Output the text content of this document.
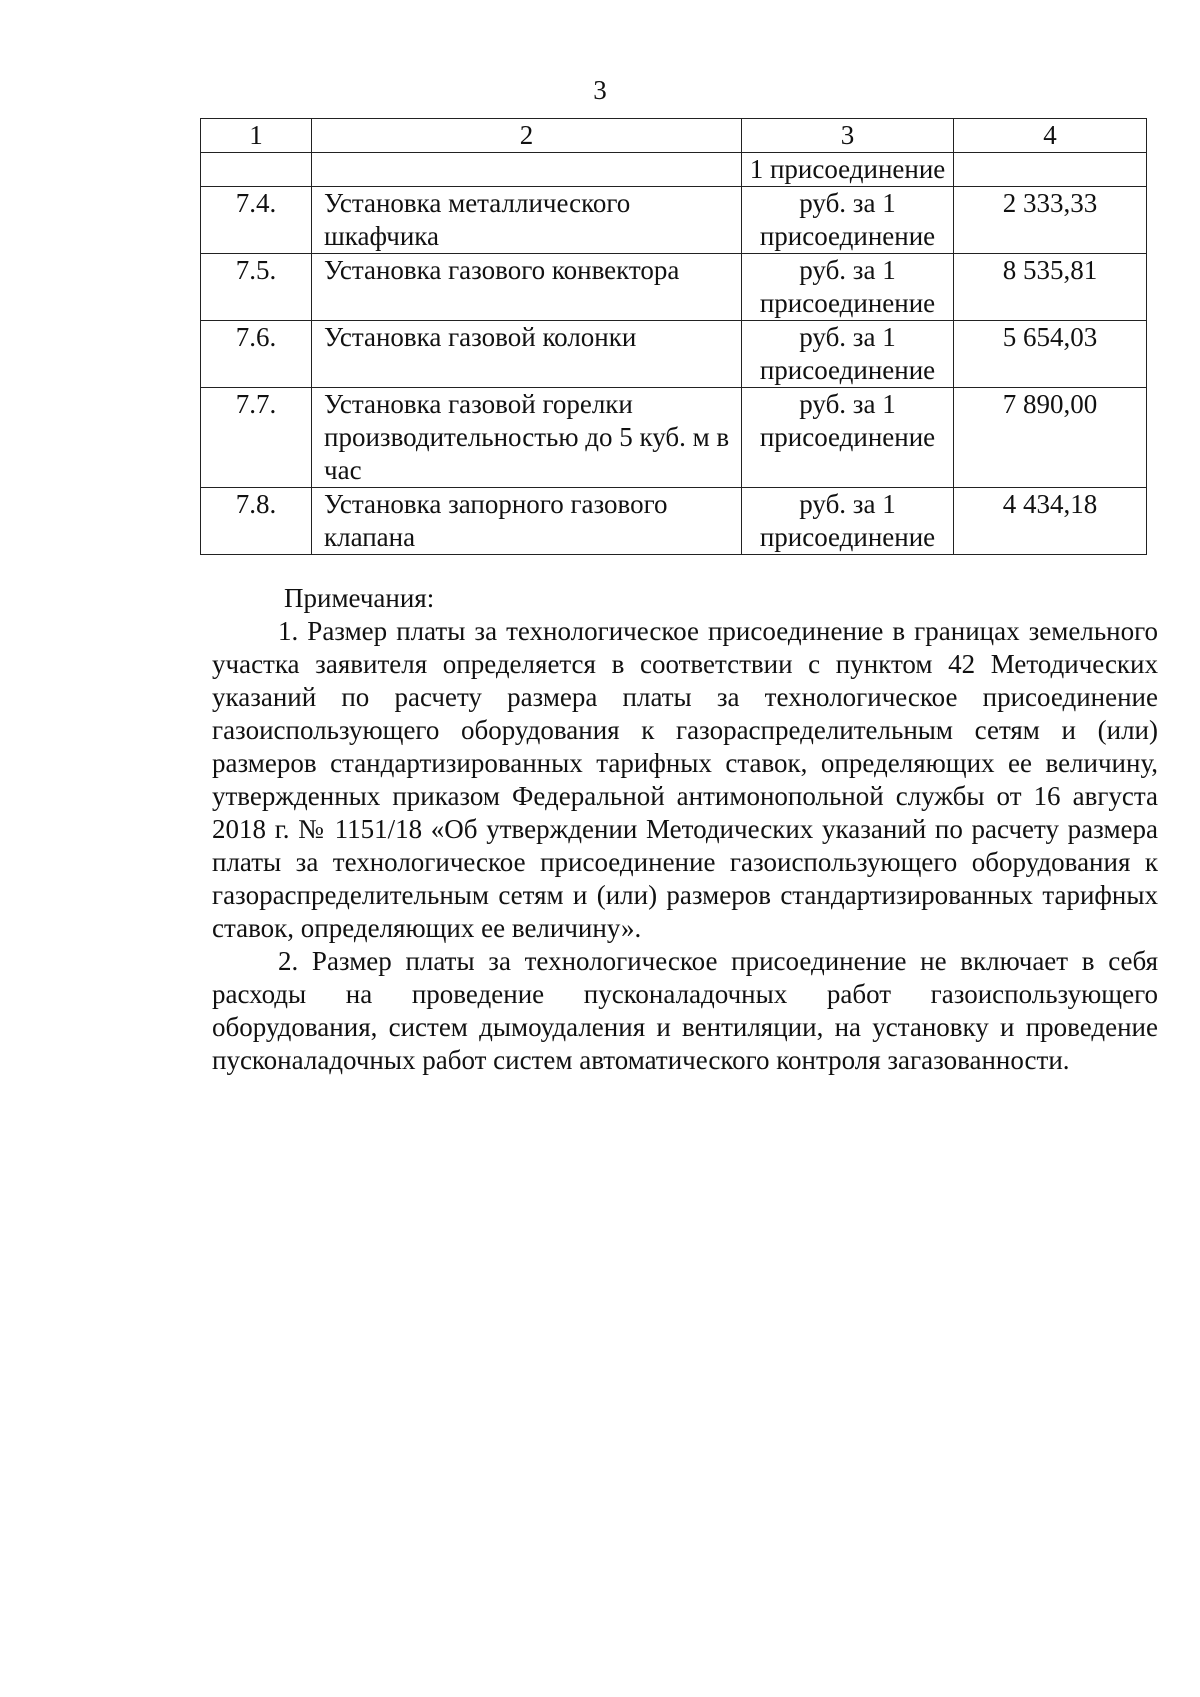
3
1	2	3	4
		1 присоединение	
7.4.	Установка металлического шкафчика	руб. за 1 присоединение	2 333,33
7.5.	Установка газового конвектора	руб. за 1 присоединение	8 535,81
7.6.	Установка газовой колонки	руб. за 1 присоединение	5 654,03
7.7.	Установка газовой горелки производительностью до 5 куб. м в час	руб. за 1 присоединение	7 890,00
7.8.	Установка запорного газового клапана	руб. за 1 присоединение	4 434,18

Примечания:

1. Размер платы за технологическое присоединение в границах земельного участка заявителя определяется в соответствии с пунктом 42 Методических указаний по расчету размера платы за технологическое присоединение газоиспользующего оборудования к газораспределительным сетям и (или) размеров стандартизированных тарифных ставок, определяющих ее величину, утвержденных приказом Федеральной антимонопольной службы от 16 августа 2018 г. № 1151/18 «Об утверждении Методических указаний по расчету размера платы за технологическое присоединение газоиспользующего оборудования к газораспределительным сетям и (или) размеров стандартизированных тарифных ставок, определяющих ее величину».

2. Размер платы за технологическое присоединение не включает в себя расходы на проведение пусконаладочных работ газоиспользующего оборудования, систем дымоудаления и вентиляции, на установку и проведение пусконаладочных работ систем автоматического контроля загазованности.
